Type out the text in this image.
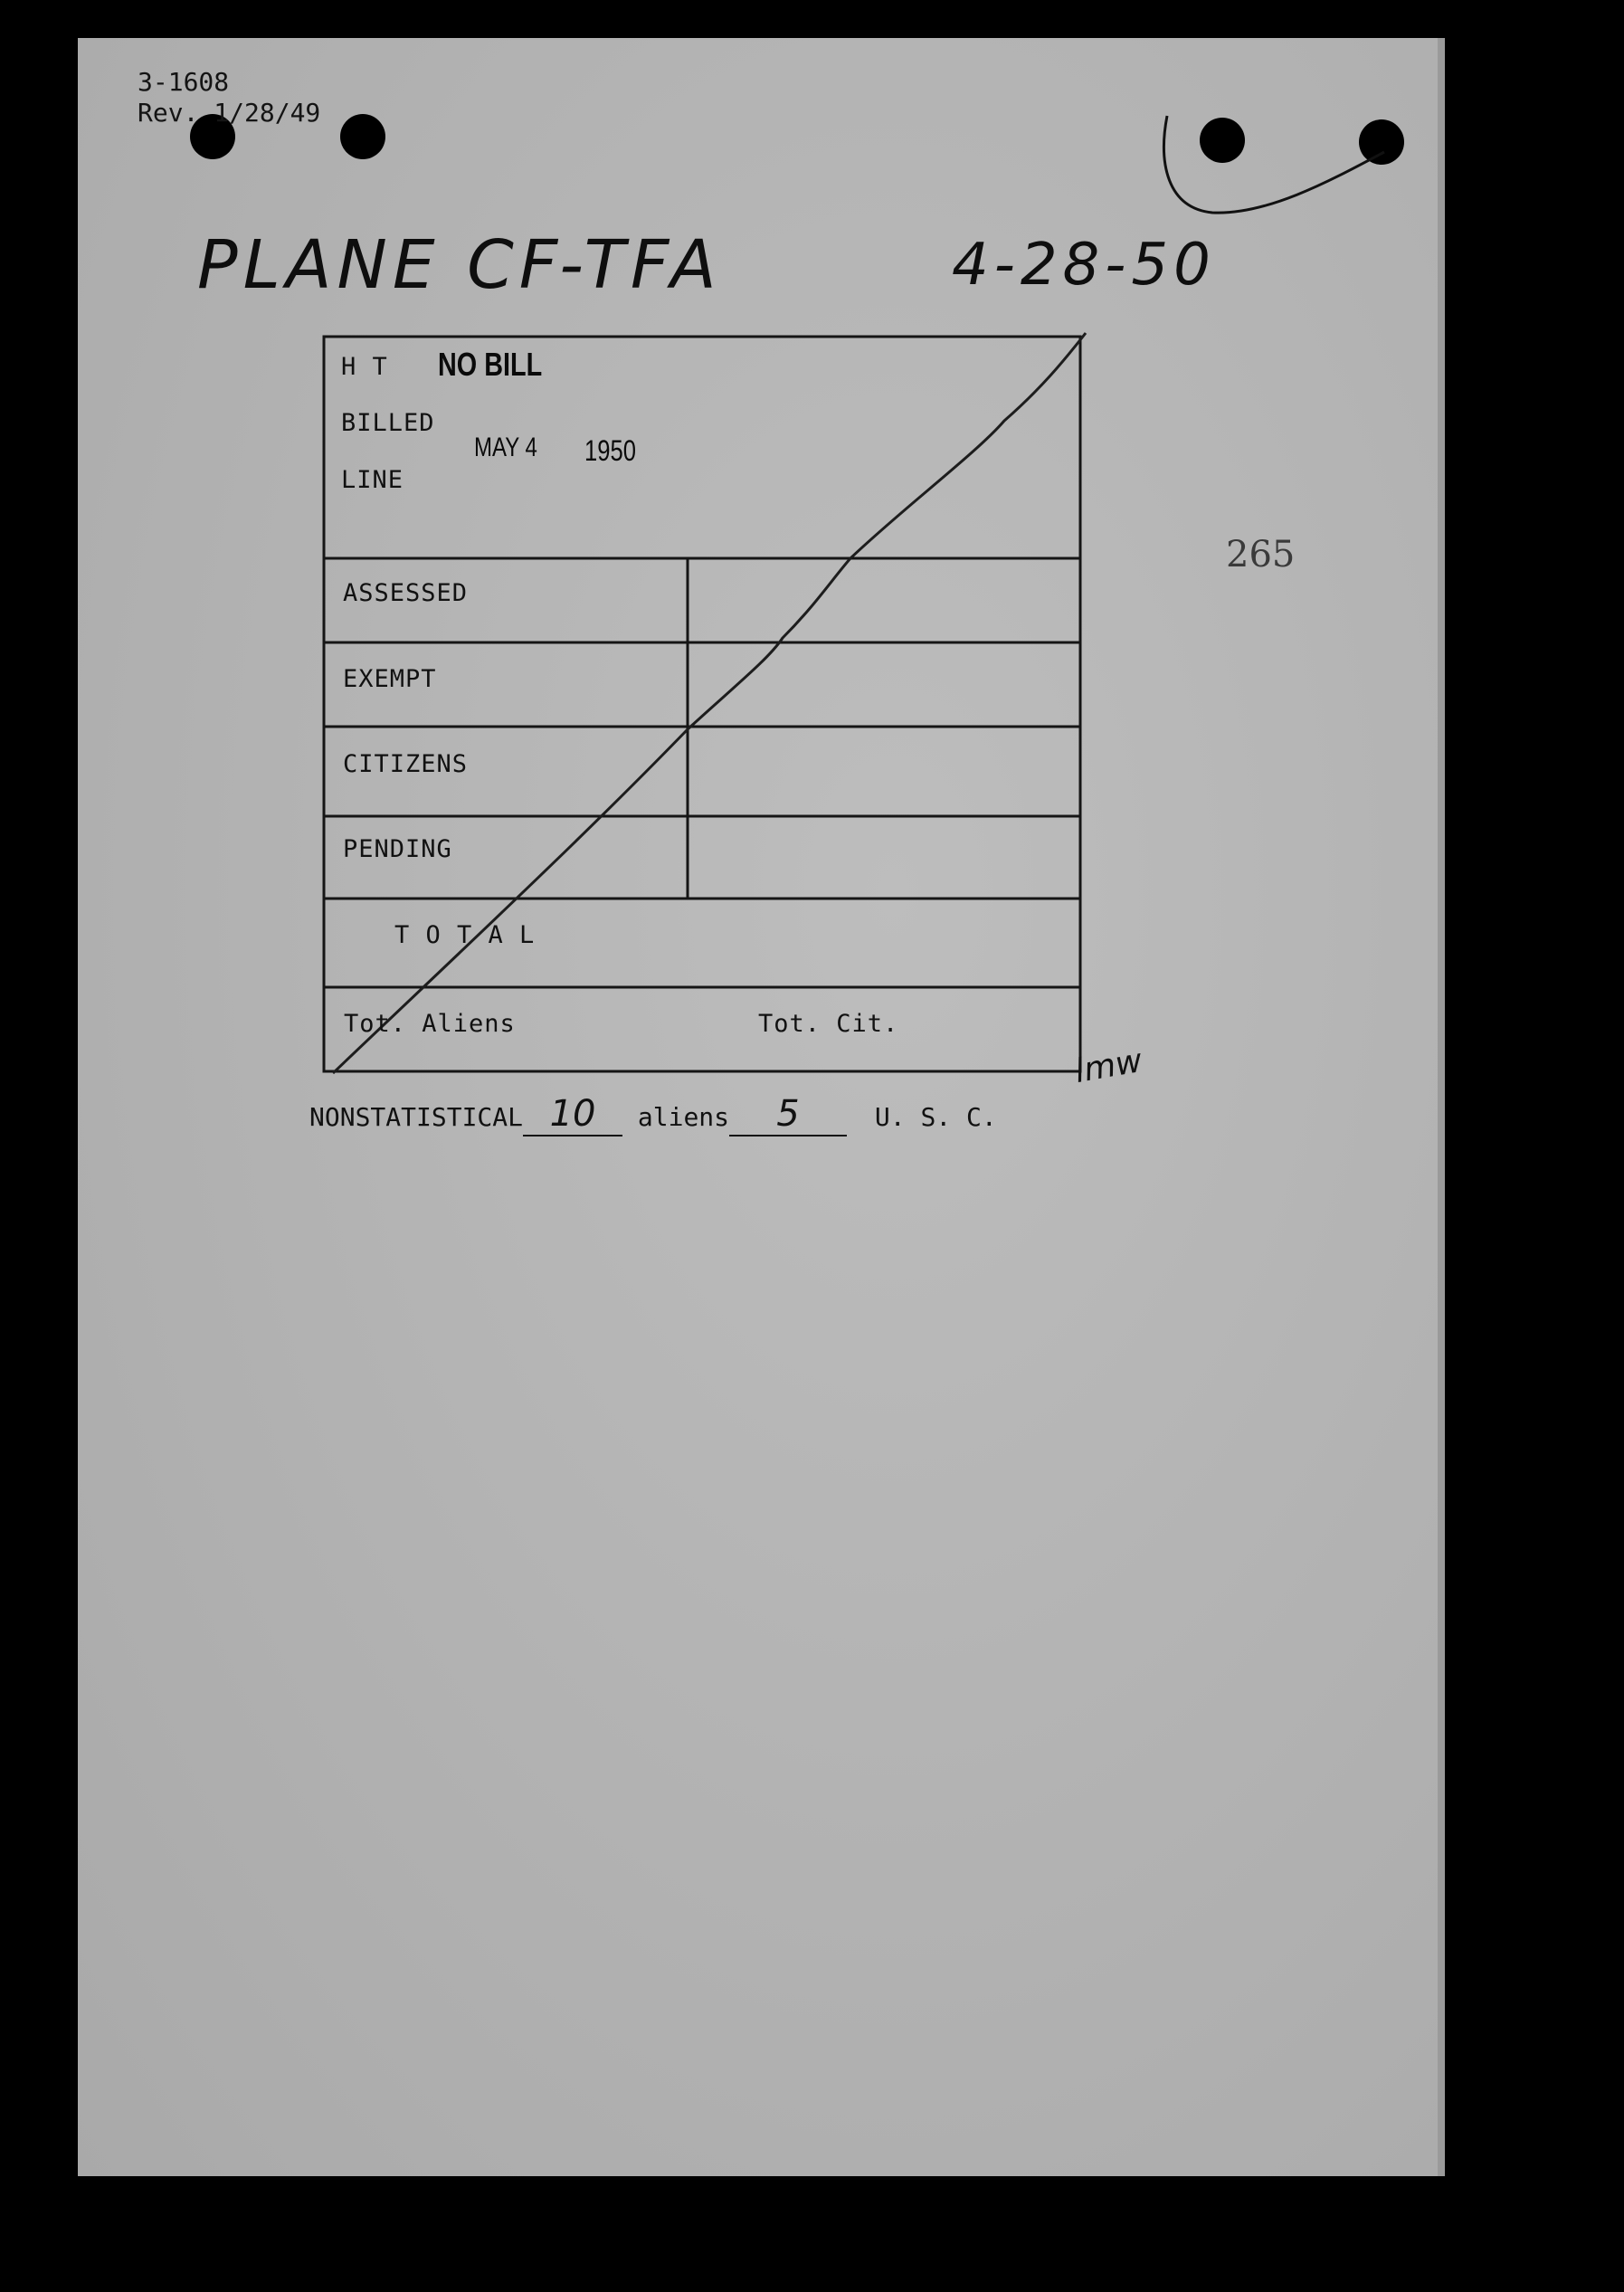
3-1608
Rev. 1/28/49
PLANE CF-TFA	4-28-50
265
H T NO BILL
BILLED
LINE
MAY 4 1950
ASSESSED
EXEMPT
CITIZENS
PENDING
T O T A L
Tot. Aliens	Tot. Cit.
lmw
NONSTATISTICAL 10 aliens 5	U. S. C.
